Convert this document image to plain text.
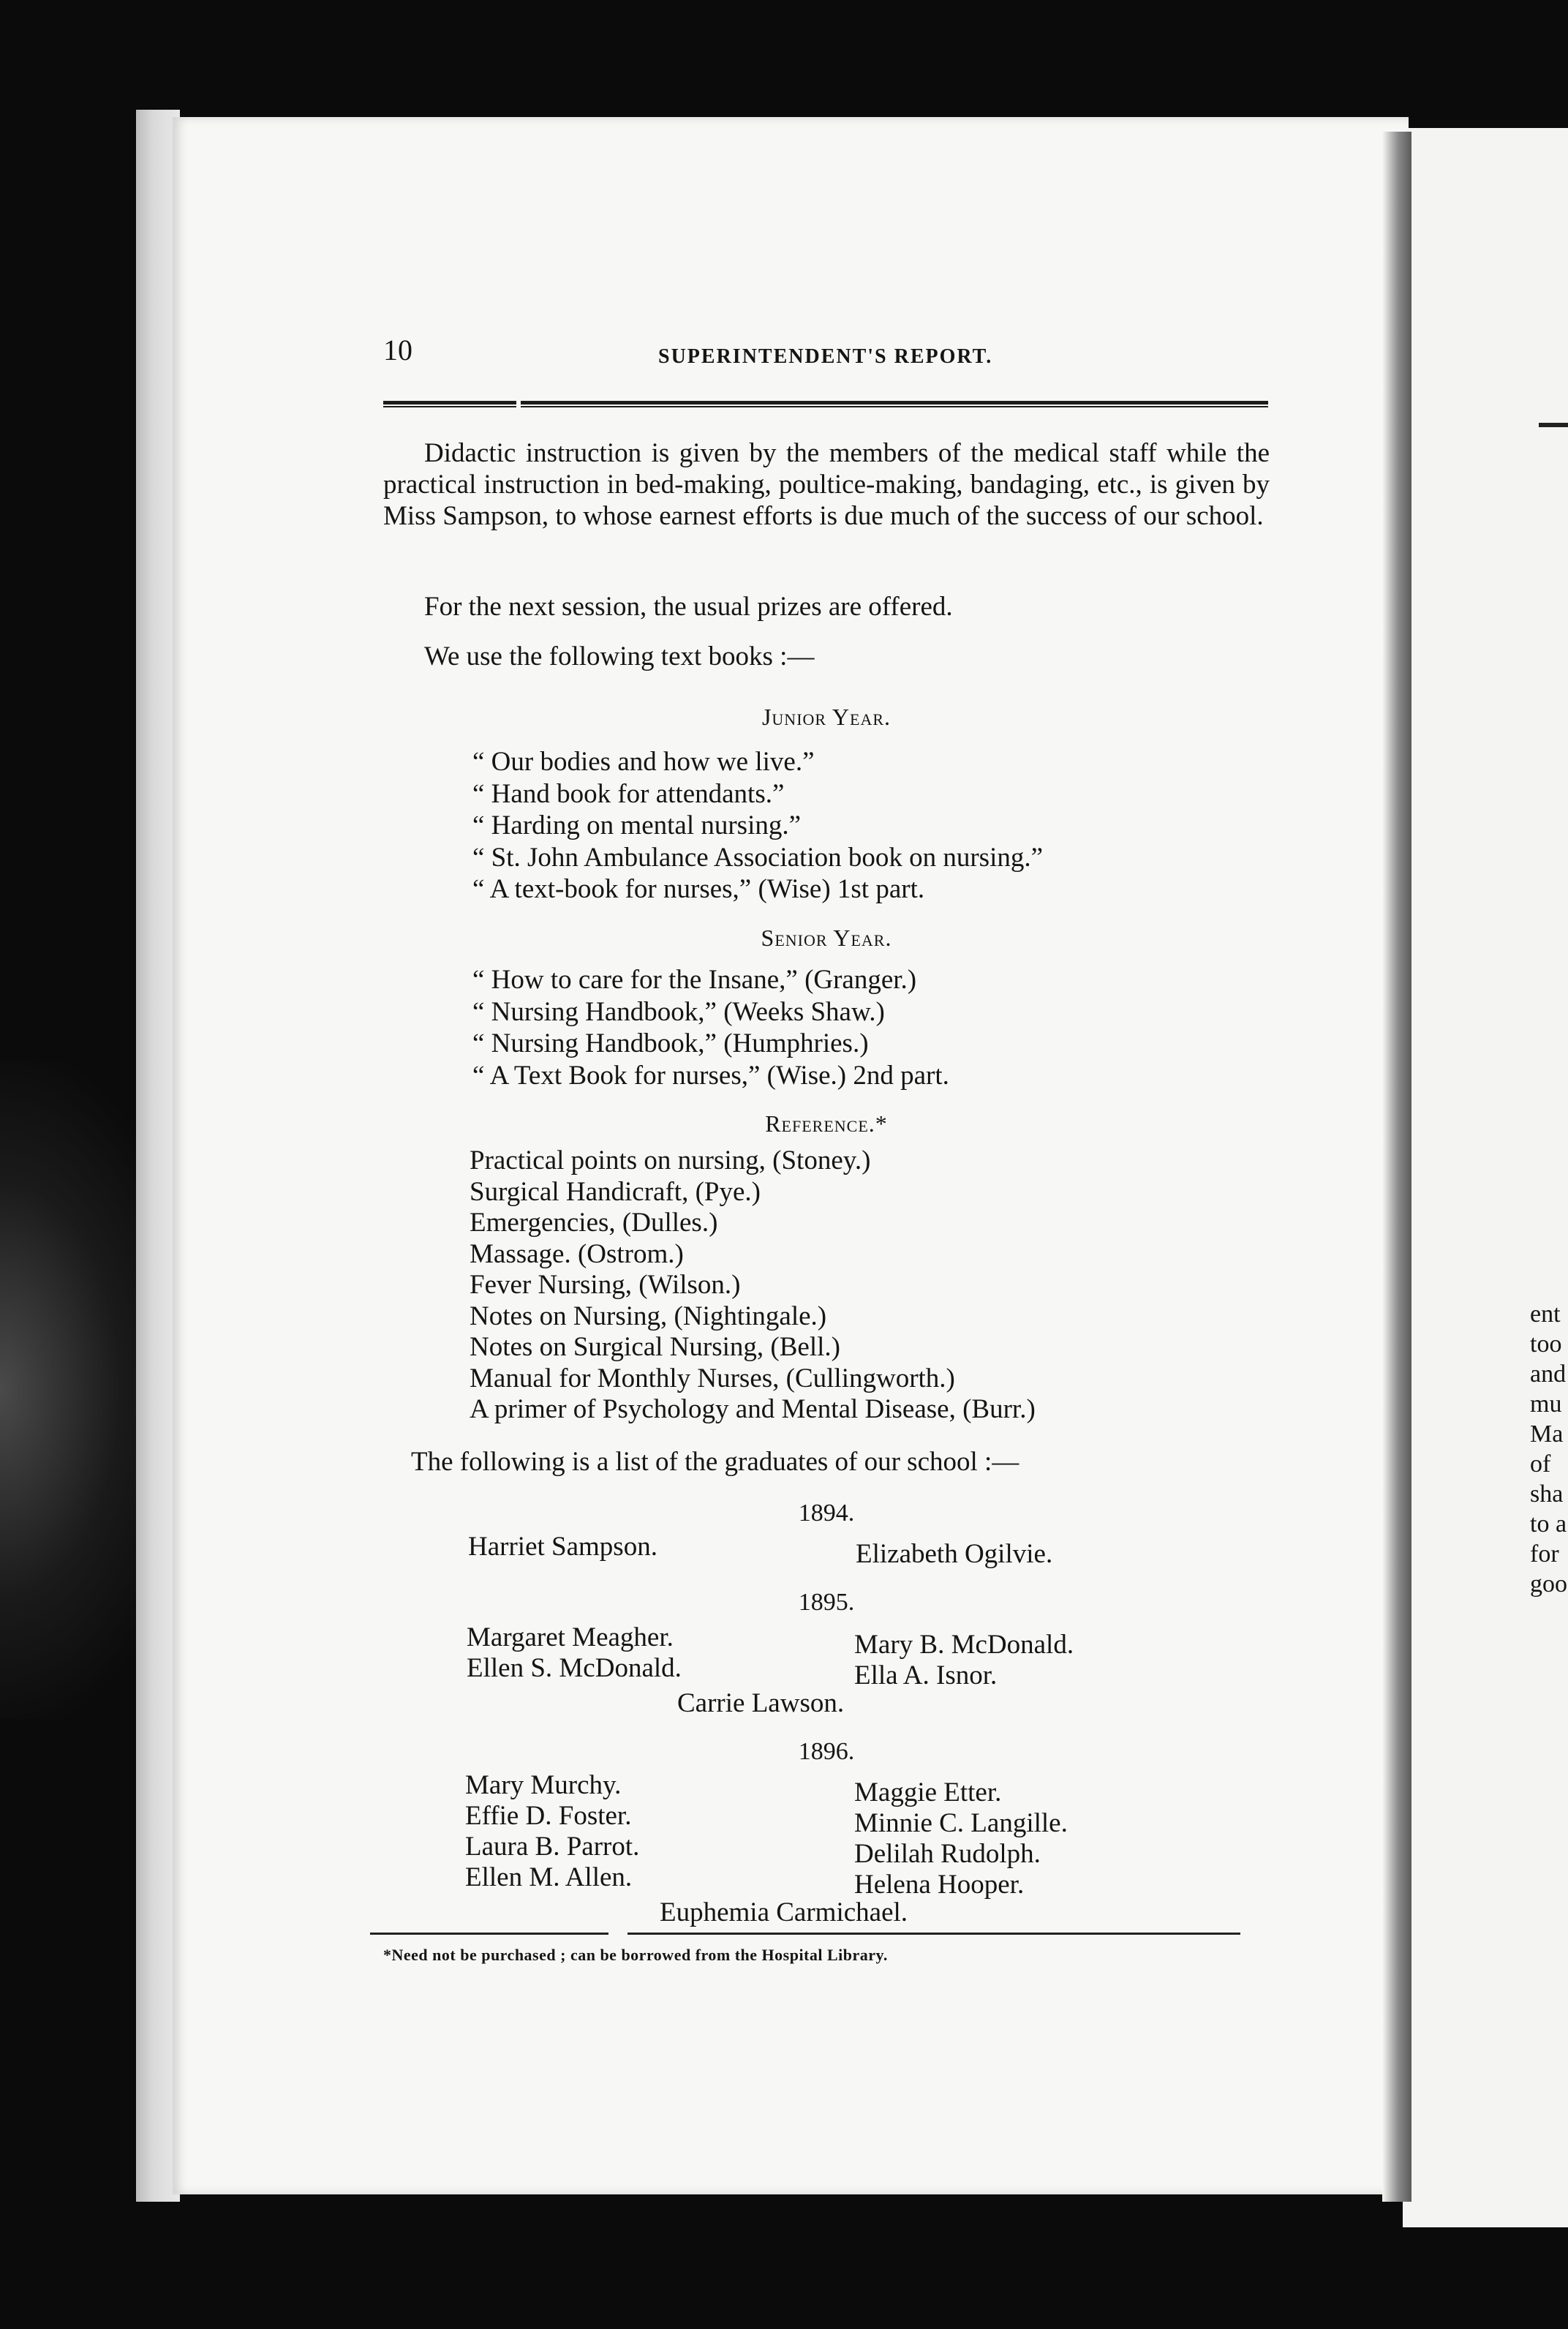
ent
too
and
mu
Ma
of
sha
to a
for
goo
10	SUPERINTENDENT'S REPORT.

Didactic instruction is given by the members of the medical staff while the practical instruction in bed-making, poultice-making, bandaging, etc., is given by Miss Sampson, to whose earnest efforts is due much of the success of our school.

For the next session, the usual prizes are offered.

We use the following text books :—

Junior Year.
“ Our bodies and how we live.”
“ Hand book for attendants.”
“ Harding on mental nursing.”
“ St. John Ambulance Association book on nursing.”
“ A text-book for nurses,” (Wise) 1st part.
Senior Year.
“ How to care for the Insane,” (Granger.)
“ Nursing Handbook,” (Weeks Shaw.)
“ Nursing Handbook,” (Humphries.)
“ A Text Book for nurses,” (Wise.) 2nd part.
Reference.*
Practical points on nursing, (Stoney.)
Surgical Handicraft, (Pye.)
Emergencies, (Dulles.)
Massage. (Ostrom.)
Fever Nursing, (Wilson.)
Notes on Nursing, (Nightingale.)
Notes on Surgical Nursing, (Bell.)
Manual for Monthly Nurses, (Cullingworth.)
A primer of Psychology and Mental Disease, (Burr.)
The following is a list of the graduates of our school :—
1894.
Harriet Sampson.	Elizabeth Ogilvie.
1895.
Margaret Meagher.
Ellen S. McDonald.
Mary B. McDonald.
Ella A. Isnor.
Carrie Lawson.
1896.
Mary Murchy.
Effie D. Foster.
Laura B. Parrot.
Ellen M. Allen.
Maggie Etter.
Minnie C. Langille.
Delilah Rudolph.
Helena Hooper.
Euphemia Carmichael.
*Need not be purchased ; can be borrowed from the Hospital Library.
